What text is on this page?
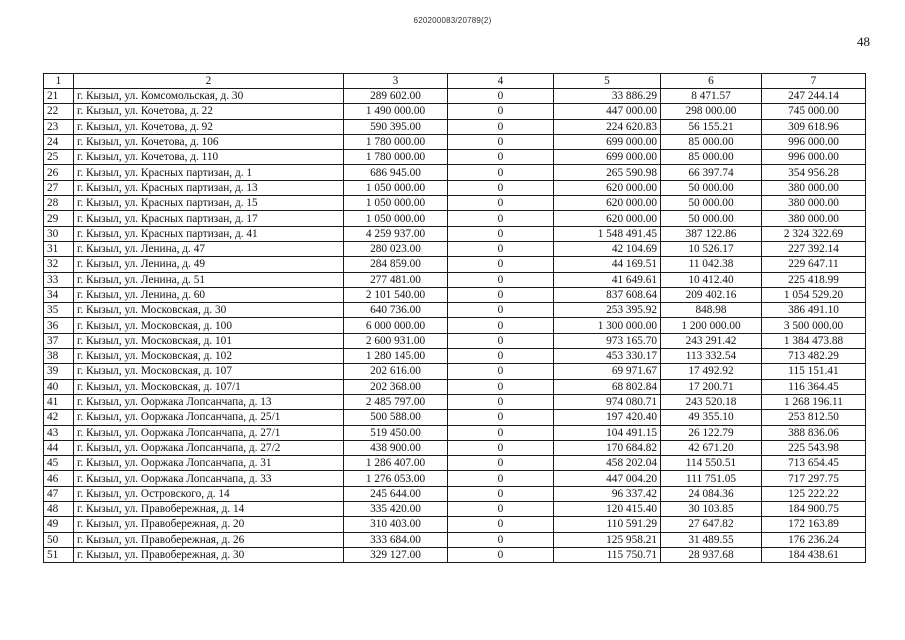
620200083/20789(2)
48
1	2	3	4	5	6	7
21	г. Кызыл, ул. Комсомольская, д. 30	289 602.00	0	33 886.29	8 471.57	247 244.14
22	г. Кызыл, ул. Кочетова, д. 22	1 490 000.00	0	447 000.00	298 000.00	745 000.00
23	г. Кызыл, ул. Кочетова, д. 92	590 395.00	0	224 620.83	56 155.21	309 618.96
24	г. Кызыл, ул. Кочетова, д. 106	1 780 000.00	0	699 000.00	85 000.00	996 000.00
25	г. Кызыл, ул. Кочетова, д. 110	1 780 000.00	0	699 000.00	85 000.00	996 000.00
26	г. Кызыл, ул. Красных партизан, д. 1	686 945.00	0	265 590.98	66 397.74	354 956.28
27	г. Кызыл, ул. Красных партизан, д. 13	1 050 000.00	0	620 000.00	50 000.00	380 000.00
28	г. Кызыл, ул. Красных партизан, д. 15	1 050 000.00	0	620 000.00	50 000.00	380 000.00
29	г. Кызыл, ул. Красных партизан, д. 17	1 050 000.00	0	620 000.00	50 000.00	380 000.00
30	г. Кызыл, ул. Красных партизан, д. 41	4 259 937.00	0	1 548 491.45	387 122.86	2 324 322.69
31	г. Кызыл, ул. Ленина, д. 47	280 023.00	0	42 104.69	10 526.17	227 392.14
32	г. Кызыл, ул. Ленина, д. 49	284 859.00	0	44 169.51	11 042.38	229 647.11
33	г. Кызыл, ул. Ленина, д. 51	277 481.00	0	41 649.61	10 412.40	225 418.99
34	г. Кызыл, ул. Ленина, д. 60	2 101 540.00	0	837 608.64	209 402.16	1 054 529.20
35	г. Кызыл, ул. Московская, д. 30	640 736.00	0	253 395.92	848.98	386 491.10
36	г. Кызыл, ул. Московская, д. 100	6 000 000.00	0	1 300 000.00	1 200 000.00	3 500 000.00
37	г. Кызыл, ул. Московская, д. 101	2 600 931.00	0	973 165.70	243 291.42	1 384 473.88
38	г. Кызыл, ул. Московская, д. 102	1 280 145.00	0	453 330.17	113 332.54	713 482.29
39	г. Кызыл, ул. Московская, д. 107	202 616.00	0	69 971.67	17 492.92	115 151.41
40	г. Кызыл, ул. Московская, д. 107/1	202 368.00	0	68 802.84	17 200.71	116 364.45
41	г. Кызыл, ул. Ооржака Лопсанчапа, д. 13	2 485 797.00	0	974 080.71	243 520.18	1 268 196.11
42	г. Кызыл, ул. Ооржака Лопсанчапа, д. 25/1	500 588.00	0	197 420.40	49 355.10	253 812.50
43	г. Кызыл, ул. Ооржака Лопсанчапа, д. 27/1	519 450.00	0	104 491.15	26 122.79	388 836.06
44	г. Кызыл, ул. Ооржака Лопсанчапа, д. 27/2	438 900.00	0	170 684.82	42 671.20	225 543.98
45	г. Кызыл, ул. Ооржака Лопсанчапа, д. 31	1 286 407.00	0	458 202.04	114 550.51	713 654.45
46	г. Кызыл, ул. Ооржака Лопсанчапа, д. 33	1 276 053.00	0	447 004.20	111 751.05	717 297.75
47	г. Кызыл, ул. Островского, д. 14	245 644.00	0	96 337.42	24 084.36	125 222.22
48	г. Кызыл, ул. Правобережная, д. 14	335 420.00	0	120 415.40	30 103.85	184 900.75
49	г. Кызыл, ул. Правобережная, д. 20	310 403.00	0	110 591.29	27 647.82	172 163.89
50	г. Кызыл, ул. Правобережная, д. 26	333 684.00	0	125 958.21	31 489.55	176 236.24
51	г. Кызыл, ул. Правобережная, д. 30	329 127.00	0	115 750.71	28 937.68	184 438.61
